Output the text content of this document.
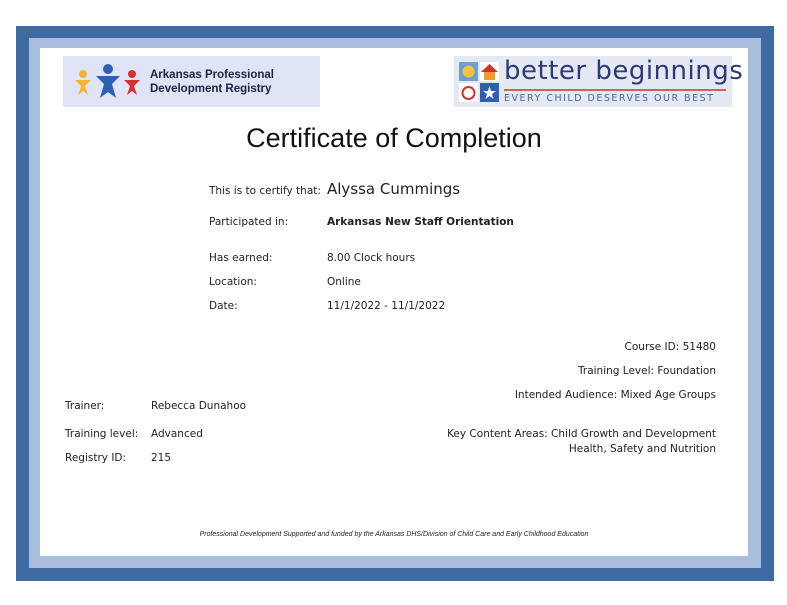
Arkansas Professional Development Registry
better beginnings
EVERY CHILD DESERVES OUR BEST
Certificate of Completion
This is to certify that: Alyssa Cummings
Participated in:	Arkansas New Staff Orientation
Has earned:	8.00 Clock hours
Location:	Online
Date:	11/1/2022 - 11/1/2022
Course ID: 51480
Training Level: Foundation
Intended Audience: Mixed Age Groups
Key Content Areas: Child Growth and Development
Health, Safety and Nutrition
Trainer:	Rebecca Dunahoo
Training level: Advanced
Registry ID: 215
Professional Development Supported and funded by the Arkansas DHS/Division of Child Care and Early Childhood Education
